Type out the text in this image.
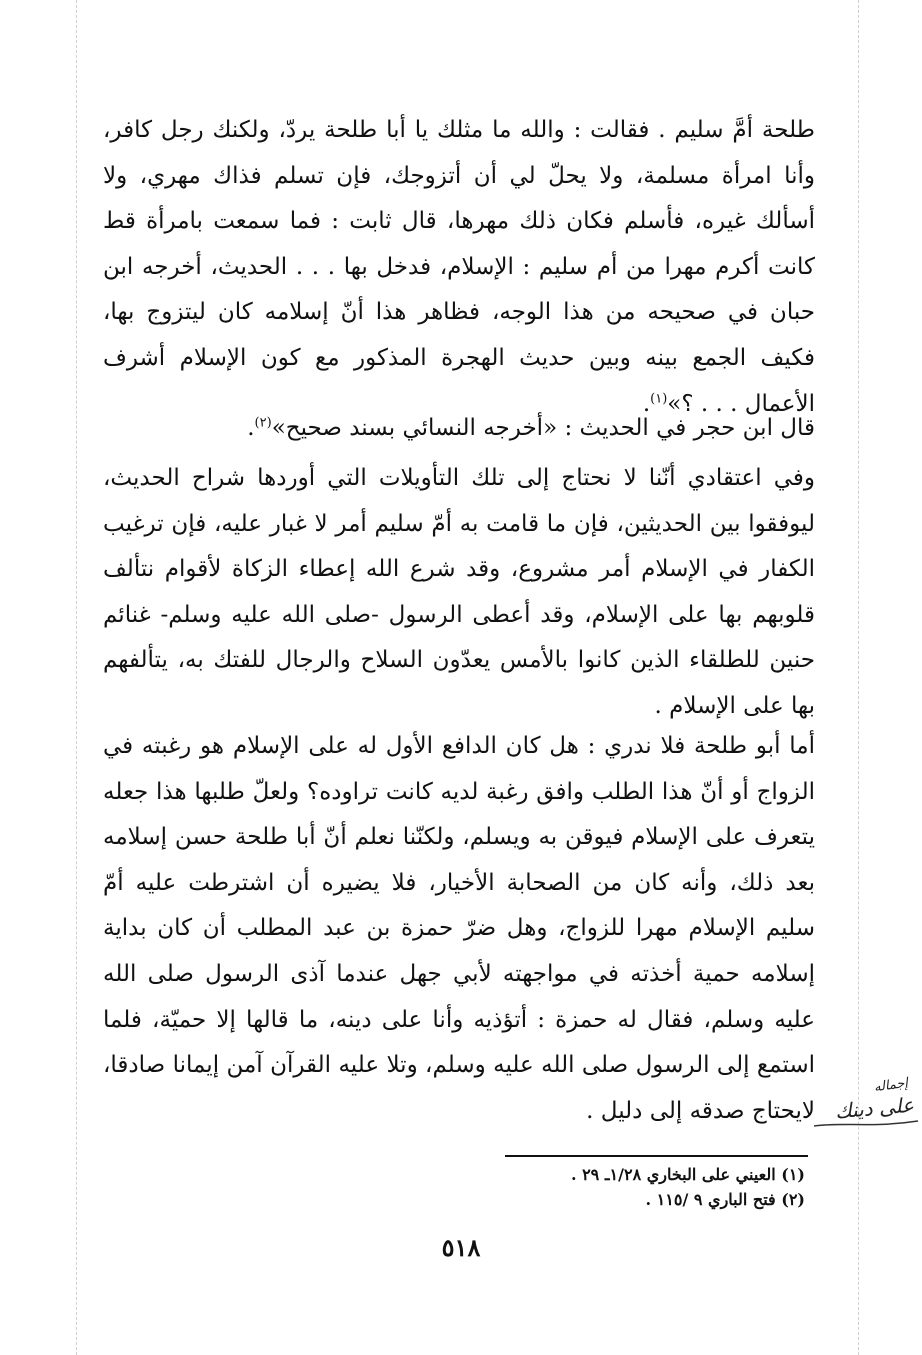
طلحة أمَّ سليم . فقالت : والله ما مثلك يا أبا طلحة يردّ، ولكنك رجل كافر، وأنا امرأة مسلمة، ولا يحلّ لي أن أتزوجك، فإن تسلم فذاك مهري، ولا أسألك غيره، فأسلم فكان ذلك مهرها، قال ثابت : فما سمعت بامرأة قط كانت أكرم مهرا من أم سليم : الإسلام، فدخل بها . . . الحديث، أخرجه ابن حبان في صحيحه من هذا الوجه، فظاهر هذا أنّ إسلامه كان ليتزوج بها، فكيف الجمع بينه وبين حديث الهجرة المذكور مع كون الإسلام أشرف الأعمال . . . ؟»$^{(١)}$.

قال ابن حجر في الحديث : «أخرجه النسائي بسند صحيح»$^{(٢)}$.

وفي اعتقادي أنّنا لا نحتاج إلى تلك التأويلات التي أوردها شراح الحديث، ليوفقوا بين الحديثين، فإن ما قامت به أمّ سليم أمر لا غبار عليه، فإن ترغيب الكفار في الإسلام أمر مشروع، وقد شرع الله إعطاء الزكاة لأقوام نتألف قلوبهم بها على الإسلام، وقد أعطى الرسول -صلى الله عليه وسلم- غنائم حنين للطلقاء الذين كانوا بالأمس يعدّون السلاح والرجال للفتك به، يتألفهم بها على الإسلام .

أما أبو طلحة فلا ندري : هل كان الدافع الأول له على الإسلام هو رغبته في الزواج أو أنّ هذا الطلب وافق رغبة لديه كانت تراوده؟ ولعلّ طلبها هذا جعله يتعرف على الإسلام فيوقن به ويسلم، ولكنّنا نعلم أنّ أبا طلحة حسن إسلامه بعد ذلك، وأنه كان من الصحابة الأخيار، فلا يضيره أن اشترطت عليه أمّ سليم الإسلام مهرا للزواج، وهل ضرّ حمزة بن عبد المطلب أن كان بداية إسلامه حمية أخذته في مواجهته لأبي جهل عندما آذى الرسول صلى الله عليه وسلم، فقال له حمزة : أتؤذيه وأنا على دينه، ما قالها إلا حميّة، فلما استمع إلى الرسول صلى الله عليه وسلم، وتلا عليه القرآن آمن إيمانا صادقا، لايحتاج صدقه إلى دليل .

إجماله
على دينك
(١) العيني على البخاري ١/٢٨ـ ٢٩ .
(٢) فتح الباري ٩ /١١٥ .
٥١٨
